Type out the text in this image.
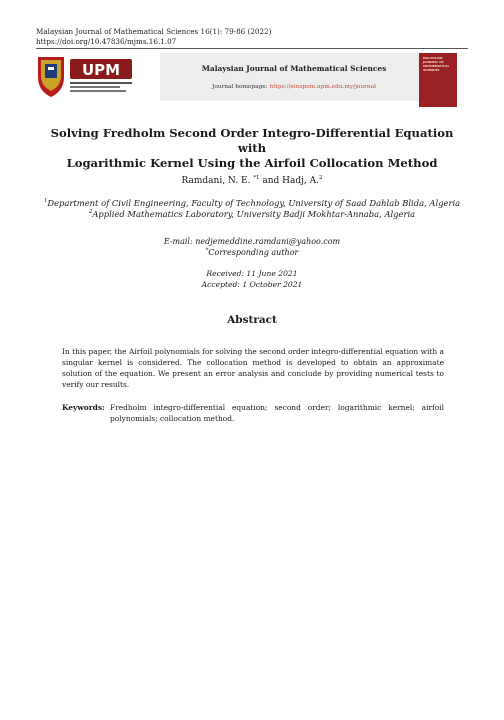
Malaysian Journal of Mathematical Sciences 16(1): 79-86 (2022)
https://doi.org/10.47836/mjms.16.1.07
UPM	Malaysian Journal of Mathematical Sciences
Journal homepage: https://einspem.upm.edu.my/journal
MALAYSIAN JOURNAL OF MATHEMATICAL SCIENCES
Solving Fredholm Second Order Integro-Differential Equation with
Logarithmic Kernel Using the Airfoil Collocation Method
Ramdani, N. E. $^{*1}$ and Hadj, A.$^2$
$^1$Department of Civil Engineering, Faculty of Technology, University of Saad Dahlab Blida, Algeria
$^2$Applied Mathematics Laboratory, University Badji Mokhtar-Annaba, Algeria
E-mail: nedjemeddine.ramdani@yahoo.com
*Corresponding author
Received: 11 June 2021
Accepted: 1 October 2021
Abstract
In this paper, the Airfoil polynomials for solving the second order integro-differential equation with a singular kernel is considered. The collocation method is developed to obtain an approximate solution of the equation. We present an error analysis and conclude by providing numerical tests to verify our results.
Keywords: Fredholm integro-differential equation; second order; logarithmic kernel; airfoil polynomials; collocation method.
